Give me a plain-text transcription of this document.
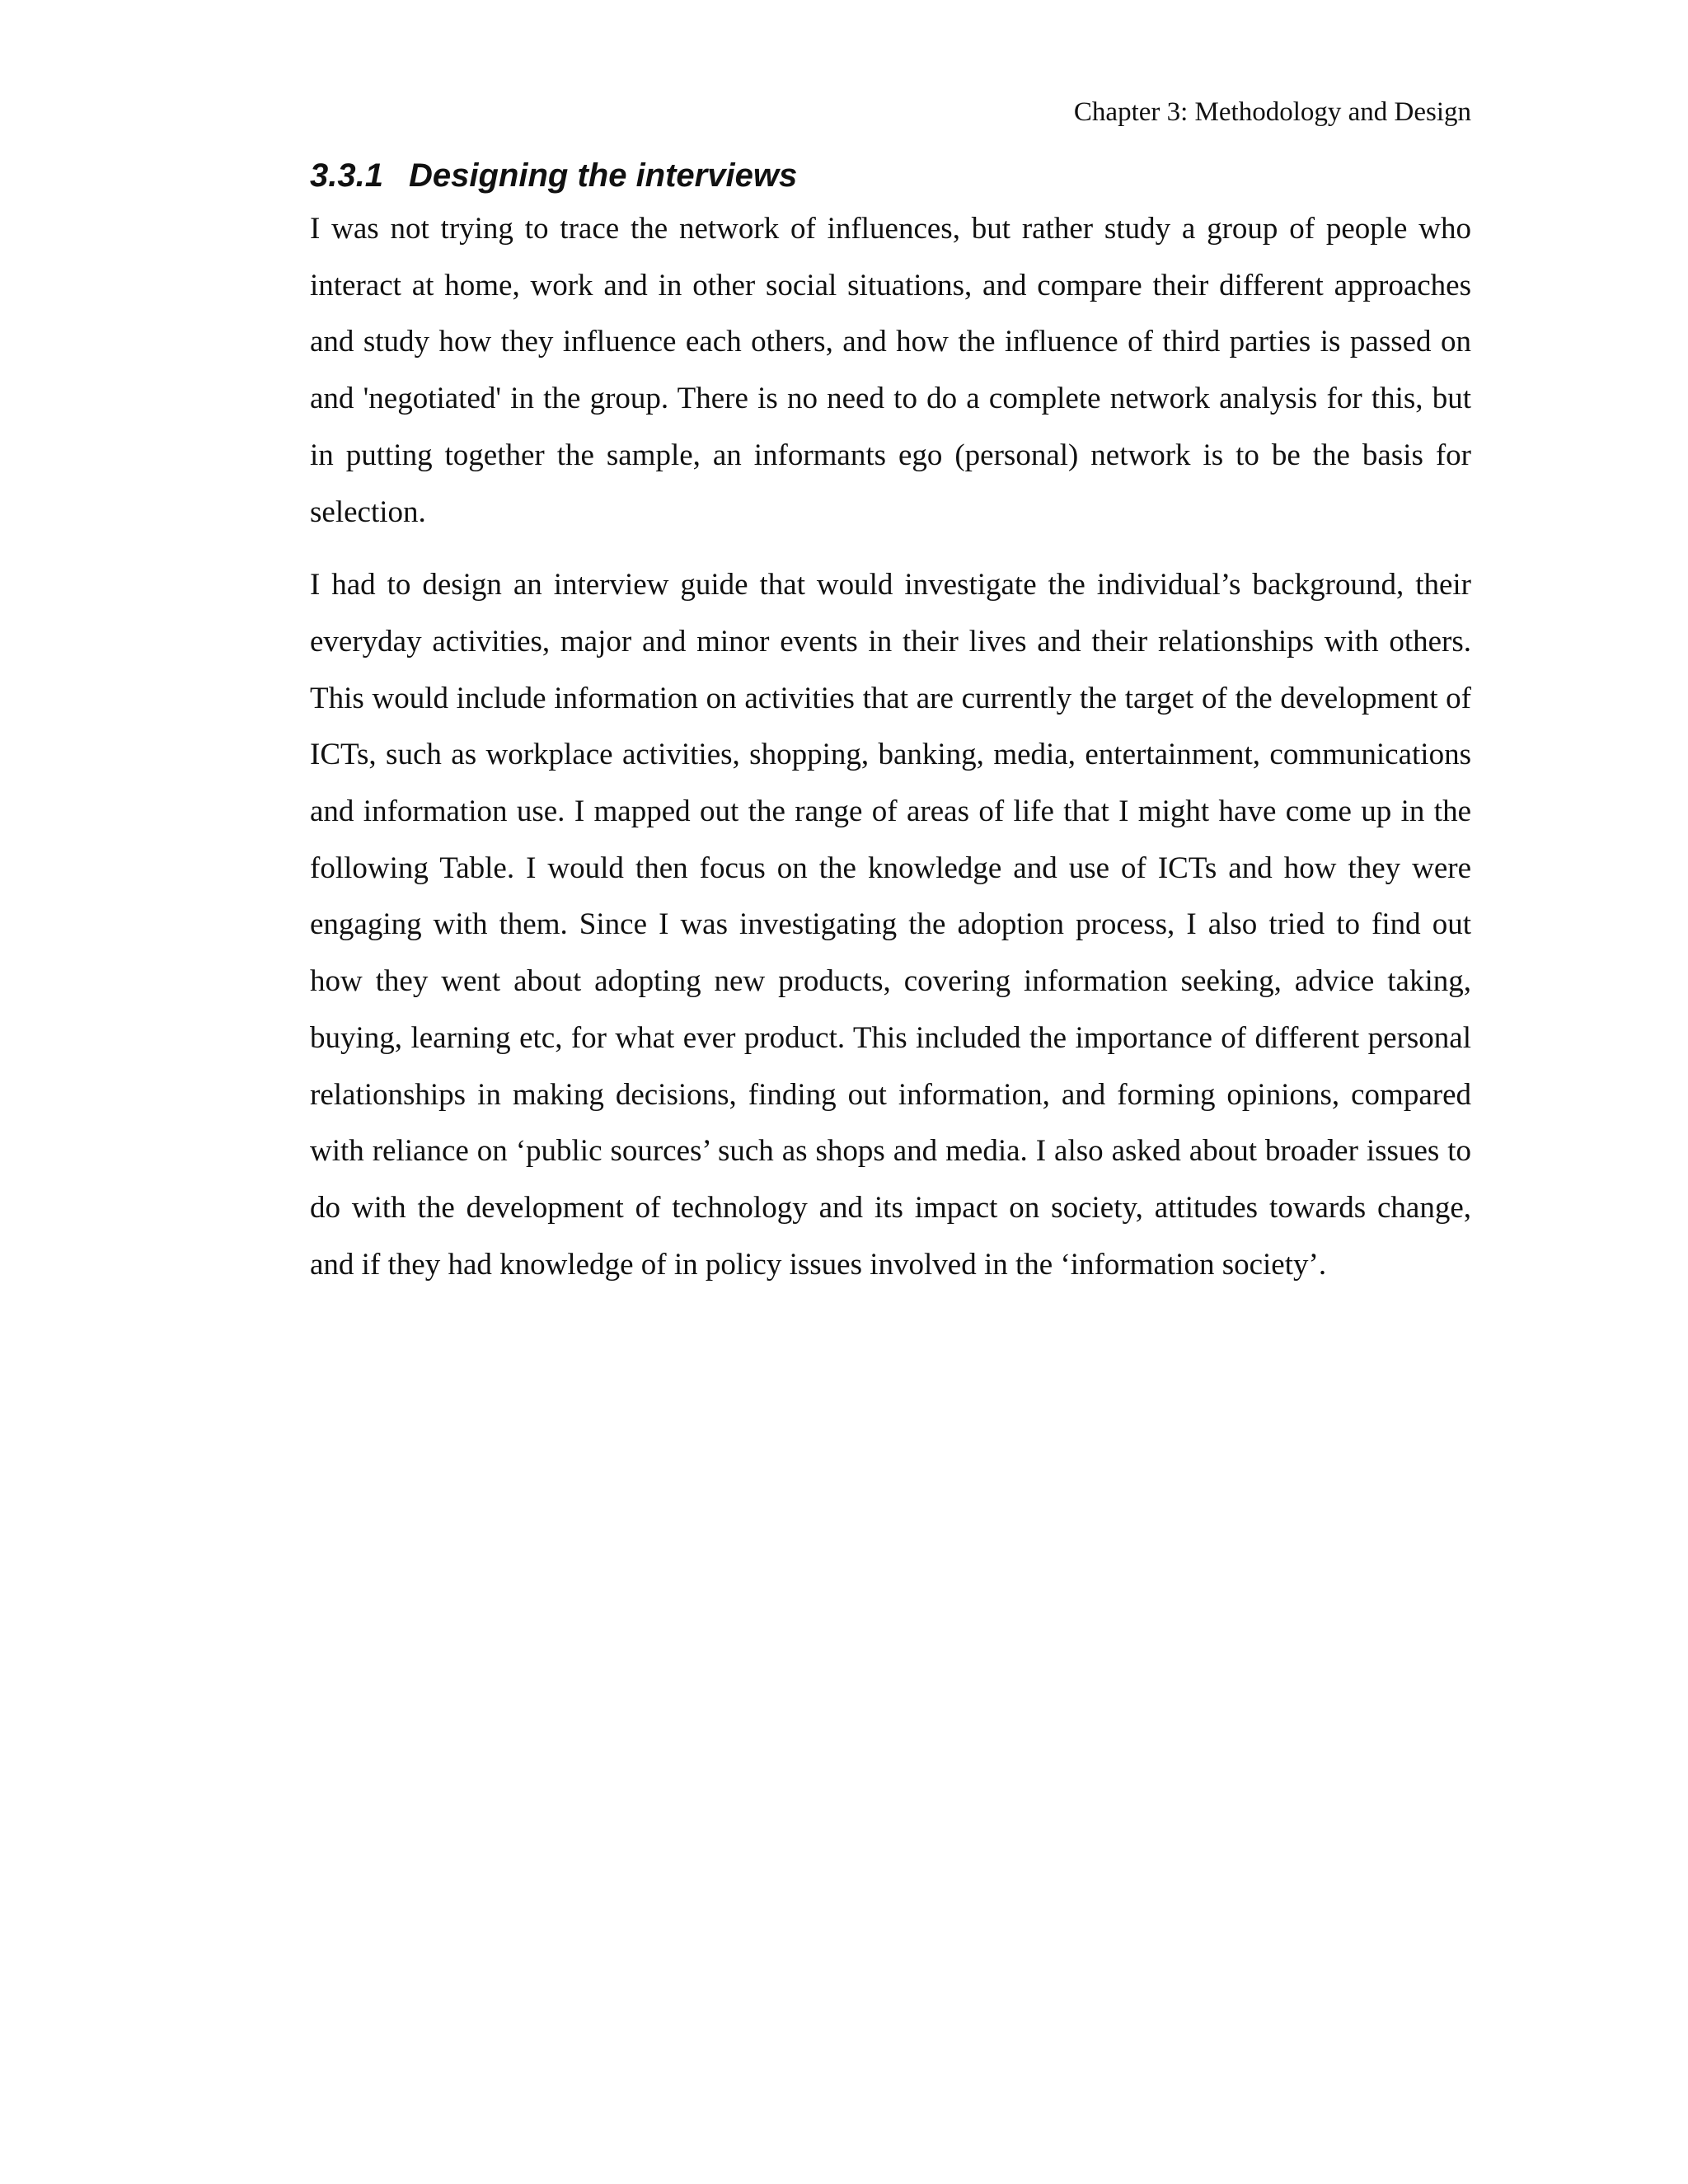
Chapter 3: Methodology and Design
3.3.1 Designing the interviews

I was not trying to trace the network of influences, but rather study a group of people who interact at home, work and in other social situations, and compare their different approaches and study how they influence each others, and how the influence of third parties is passed on and 'negotiated' in the group. There is no need to do a complete network analysis for this, but in putting together the sample, an informants ego (personal) network is to be the basis for selection.

I had to design an interview guide that would investigate the individual’s background, their everyday activities, major and minor events in their lives and their relationships with others. This would include information on activities that are currently the target of the development of ICTs, such as workplace activities, shopping, banking, media, entertainment, communications and information use. I mapped out the range of areas of life that I might have come up in the following Table. I would then focus on the knowledge and use of ICTs and how they were engaging with them. Since I was investigating the adoption process, I also tried to find out how they went about adopting new products, covering information seeking, advice taking, buying, learning etc, for what ever product. This included the importance of different personal relationships in making decisions, finding out information, and forming opinions, compared with reliance on ‘public sources’ such as shops and media. I also asked about broader issues to do with the development of technology and its impact on society, attitudes towards change, and if they had knowledge of in policy issues involved in the ‘information society’.
